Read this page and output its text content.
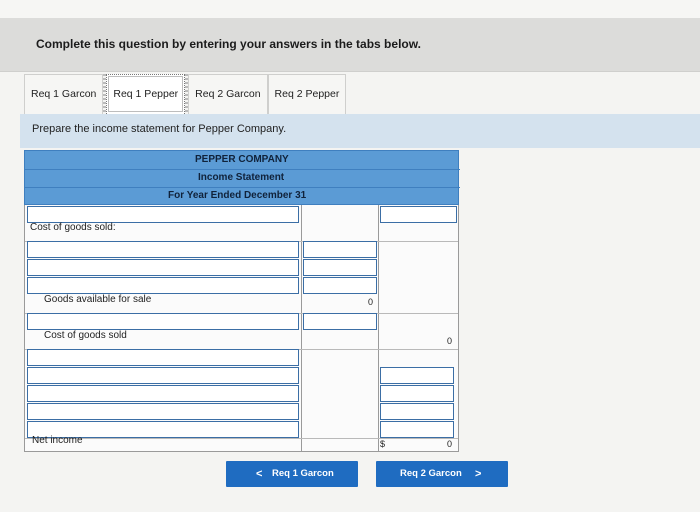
Complete this question by entering your answers in the tabs below.
Req 1 Garcon	Req 1 Pepper	Req 2 Garcon	Req 2 Pepper
Prepare the income statement for Pepper Company.
PEPPER COMPANY
Income Statement
For Year Ended December 31
Cost of goods sold:
Goods available for sale	0
Cost of goods sold	0
Net income	$	0
< Req 1 Garcon	Req 2 Garcon >
